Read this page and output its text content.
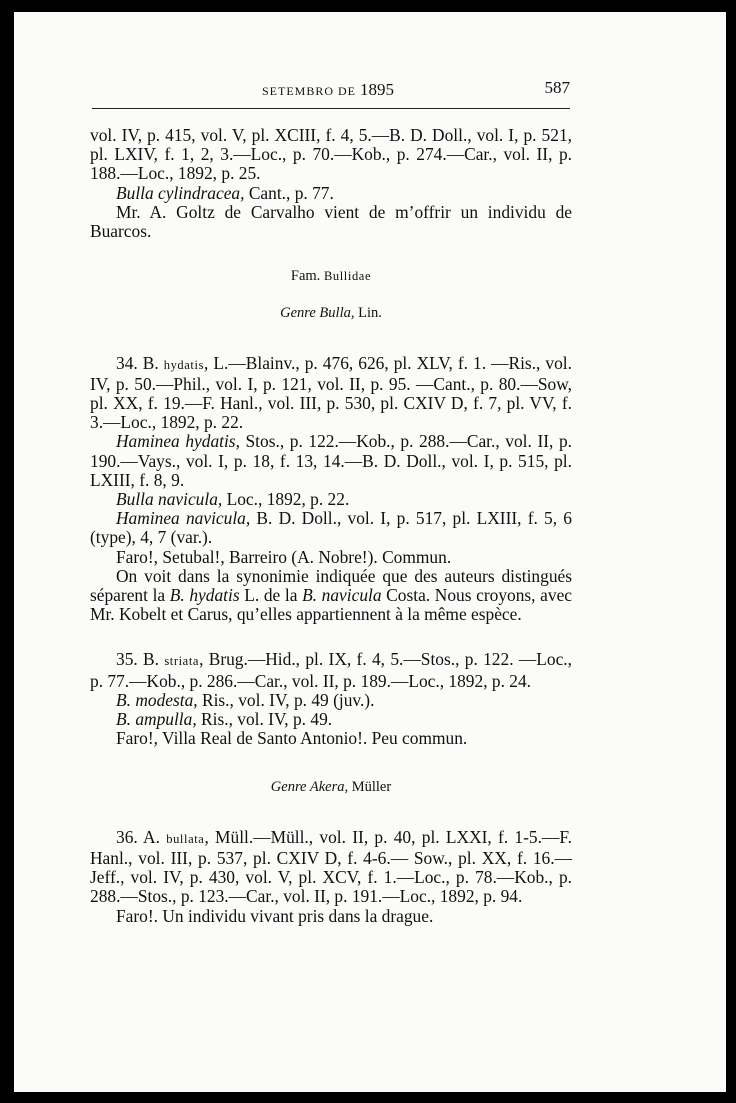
SETEMBRO DE 1895	587

vol. IV, p. 415, vol. V, pl. XCIII, f. 4, 5.—B. D. Doll., vol. I, p. 521, pl. LXIV, f. 1, 2, 3.—Loc., p. 70.—Kob., p. 274.—Car., vol. II, p. 188.—Loc., 1892, p. 25.

Bulla cylindracea, Cant., p. 77.

Mr. A. Goltz de Carvalho vient de m’offrir un individu de Buarcos.

Fam. Bullidae

Genre Bulla, Lin.

34. B. hydatis, L.—Blainv., p. 476, 626, pl. XLV, f. 1. —Ris., vol. IV, p. 50.—Phil., vol. I, p. 121, vol. II, p. 95. —Cant., p. 80.—Sow, pl. XX, f. 19.—F. Hanl., vol. III, p. 530, pl. CXIV D, f. 7, pl. VV, f. 3.—Loc., 1892, p. 22.

Haminea hydatis, Stos., p. 122.—Kob., p. 288.—Car., vol. II, p. 190.—Vays., vol. I, p. 18, f. 13, 14.—B. D. Doll., vol. I, p. 515, pl. LXIII, f. 8, 9.

Bulla navicula, Loc., 1892, p. 22.

Haminea navicula, B. D. Doll., vol. I, p. 517, pl. LXIII, f. 5, 6 (type), 4, 7 (var.).

Faro!, Setubal!, Barreiro (A. Nobre!). Commun.

On voit dans la synonimie indiquée que des auteurs distingués séparent la B. hydatis L. de la B. navicula Costa. Nous croyons, avec Mr. Kobelt et Carus, qu’elles appartiennent à la même espèce.

35. B. striata, Brug.—Hid., pl. IX, f. 4, 5.—Stos., p. 122. —Loc., p. 77.—Kob., p. 286.—Car., vol. II, p. 189.—Loc., 1892, p. 24.

B. modesta, Ris., vol. IV, p. 49 (juv.).

B. ampulla, Ris., vol. IV, p. 49.

Faro!, Villa Real de Santo Antonio!. Peu commun.

Genre Akera, Müller

36. A. bullata, Müll.—Müll., vol. II, p. 40, pl. LXXI, f. 1-5.—F. Hanl., vol. III, p. 537, pl. CXIV D, f. 4-6.— Sow., pl. XX, f. 16.—Jeff., vol. IV, p. 430, vol. V, pl. XCV, f. 1.—Loc., p. 78.—Kob., p. 288.—Stos., p. 123.—Car., vol. II, p. 191.—Loc., 1892, p. 94.

Faro!. Un individu vivant pris dans la drague.
